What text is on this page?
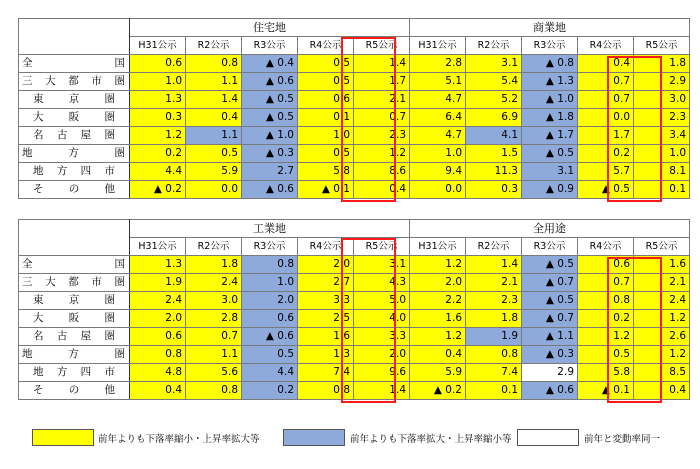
	住宅地					商業地				
	H31公示	R2公示	R3公示	R4公示	R5公示	H31公示	R2公示	R3公示	R4公示	R5公示

全　国	0.6	0.8	▲ 0.4	0.5	1.4	2.8	3.1	▲ 0.8	0.4	1.8

三大都市圏	1.0	1.1	▲ 0.6	0.5	1.7	5.1	5.4	▲ 1.3	0.7	2.9

東京圏	1.3	1.4	▲ 0.5	0.6	2.1	4.7	5.2	▲ 1.0	0.7	3.0

大阪圏	0.3	0.4	▲ 0.5	0.1	0.7	6.4	6.9	▲ 1.8	0.0	2.3

名古屋圏	1.2	1.1	▲ 1.0	1.0	2.3	4.7	4.1	▲ 1.7	1.7	3.4

地方圏	0.2	0.5	▲ 0.3	0.5	1.2	1.0	1.5	▲ 0.5	0.2	1.0

地方四市	4.4	5.9	2.7	5.8	8.6	9.4	11.3	3.1	5.7	8.1

その他	▲ 0.2	0.0	▲ 0.6	▲ 0.1	0.4	0.0	0.3	▲ 0.9	▲ 0.5	0.1
	工業地					全用途				
	H31公示	R2公示	R3公示	R4公示	R5公示	H31公示	R2公示	R3公示	R4公示	R5公示

全　国	1.3	1.8	0.8	2.0	3.1	1.2	1.4	▲ 0.5	0.6	1.6

三大都市圏	1.9	2.4	1.0	2.7	4.3	2.0	2.1	▲ 0.7	0.7	2.1

東京圏	2.4	3.0	2.0	3.3	5.0	2.2	2.3	▲ 0.5	0.8	2.4

大阪圏	2.0	2.8	0.6	2.5	4.0	1.6	1.8	▲ 0.7	0.2	1.2

名古屋圏	0.6	0.7	▲ 0.6	1.6	3.3	1.2	1.9	▲ 1.1	1.2	2.6

地方圏	0.8	1.1	0.5	1.3	2.0	0.4	0.8	▲ 0.3	0.5	1.2

地方四市	4.8	5.6	4.4	7.4	9.6	5.9	7.4	2.9	5.8	8.5

その他	0.4	0.8	0.2	0.8	1.4	▲ 0.2	0.1	▲ 0.6	▲ 0.1	0.4
前年よりも下落率縮小・上昇率拡大等	前年よりも下落率拡大・上昇率縮小等	前年と変動率同一
